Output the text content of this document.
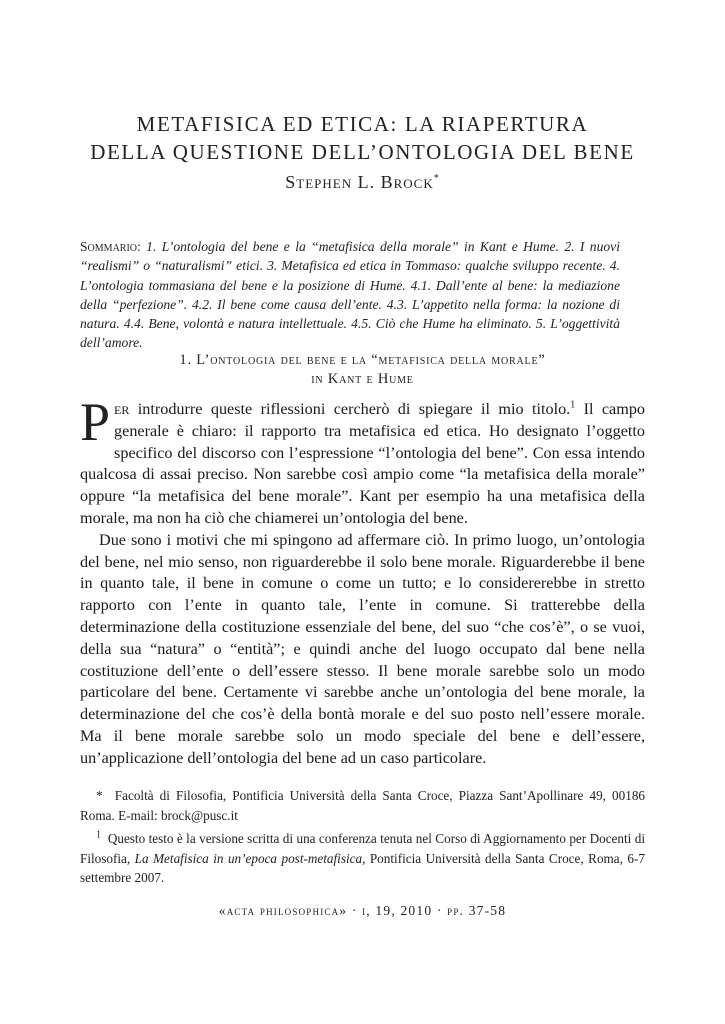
METAFISICA ED ETICA: LA RIAPERTURA
DELLA QUESTIONE DELL’ONTOLOGIA DEL BENE
Stephen L. Brock*
Sommario: 1. L’ontologia del bene e la “metafisica della morale” in Kant e Hume. 2. I nuovi “realismi” o “naturalismi” etici. 3. Metafisica ed etica in Tommaso: qualche sviluppo recente. 4. L’ontologia tommasiana del bene e la posizione di Hume. 4.1. Dall’ente al bene: la mediazione della “perfezione”. 4.2. Il bene come causa dell’ente. 4.3. L’appetito nella forma: la nozione di natura. 4.4. Bene, volontà e natura intellettuale. 4.5. Ciò che Hume ha eliminato. 5. L’oggettività dell’amore.
1. L’ontologia del bene e la “metafisica della morale”
in Kant e Hume

Per introdurre queste riflessioni cercherò di spiegare il mio titolo.$^1$ Il campo generale è chiaro: il rapporto tra metafisica ed etica. Ho designato l’oggetto specifico del discorso con l’espressione “l’ontologia del bene”. Con essa intendo qualcosa di assai preciso. Non sarebbe così ampio come “la metafisica della morale” oppure “la metafisica del bene morale”. Kant per esempio ha una metafisica della morale, ma non ha ciò che chiamerei un’ontologia del bene.

Due sono i motivi che mi spingono ad affermare ciò. In primo luogo, un’ontologia del bene, nel mio senso, non riguarderebbe il solo bene morale. Riguarderebbe il bene in quanto tale, il bene in comune o come un tutto; e lo considererebbe in stretto rapporto con l’ente in quanto tale, l’ente in comune. Si tratterebbe della determinazione della costituzione essenziale del bene, del suo “che cos’è”, o se vuoi, della sua “natura” o “entità”; e quindi anche del luogo occupato dal bene nella costituzione dell’ente o dell’essere stesso. Il bene morale sarebbe solo un modo particolare del bene. Certamente vi sarebbe anche un’ontologia del bene morale, la determinazione del che cos’è della bontà morale e del suo posto nell’essere morale. Ma il bene morale sarebbe solo un modo speciale del bene e dell’essere, un’applicazione dell’ontologia del bene ad un caso particolare.

* Facoltà di Filosofia, Pontificia Università della Santa Croce, Piazza Sant’Apollinare 49, 00186 Roma. E-mail: brock@pusc.it

$^1$ Questo testo è la versione scritta di una conferenza tenuta nel Corso di Aggiornamento per Docenti di Filosofia, La Metafisica in un’epoca post-metafisica, Pontificia Università della Santa Croce, Roma, 6-7 settembre 2007.

«acta philosophica» · i, 19, 2010 · pp. 37-58
